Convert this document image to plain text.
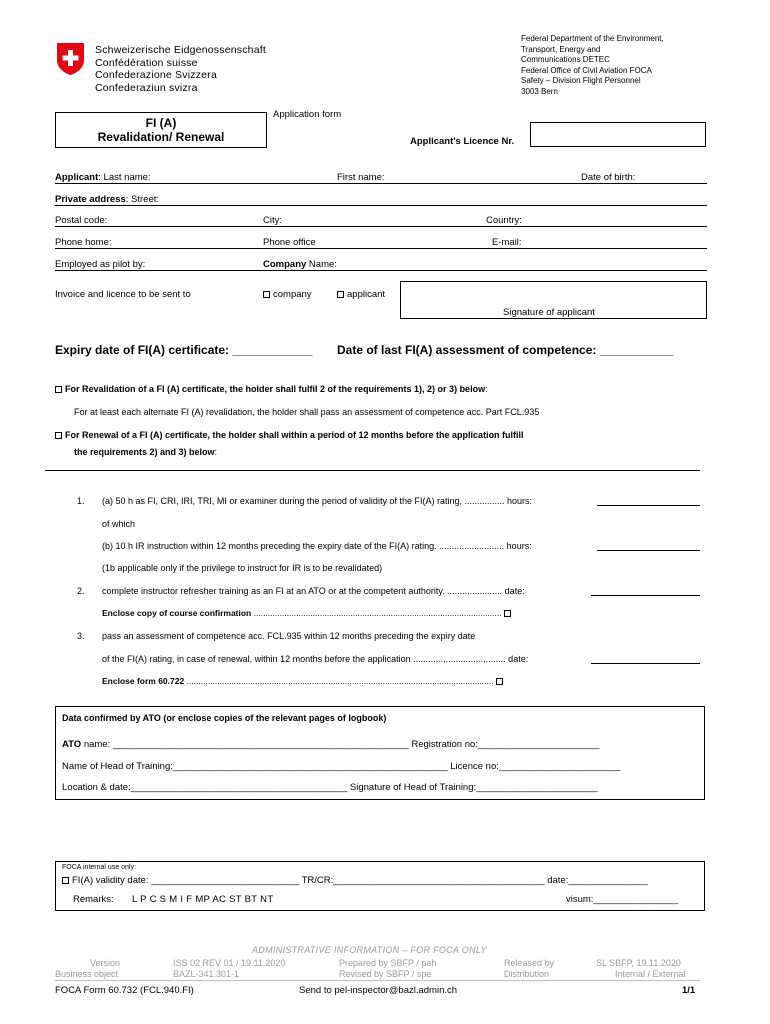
Schweizerische Eidgenossenschaft
Confédération suisse
Confederazione Svizzera
Confederaziun svizra
Federal Department of the Environment,
Transport, Energy and
Communications DETEC
Federal Office of Civil Aviation FOCA
Safety – Division Flight Personnel
3003 Bern
FI (A)
Revalidation/ Renewal
Application form
Applicant's Licence Nr.
Applicant: Last name:	First name:	Date of birth:
Private address: Street:
Postal code:	City:	Country:
Phone home:	Phone office	E-mail:
Employed as pilot by:	Company Name:
Invoice and licence to be sent to	company	applicant
Signature of applicant
Expiry date of FI(A) certificate: ____________ Date of last FI(A) assessment of competence: ___________
For Revalidation of a FI (A) certificate, the holder shall fulfil 2 of the requirements 1), 2) or 3) below:
For at least each alternate FI (A) revalidation, the holder shall pass an assessment of competence acc. Part FCL.935
For Renewal of a FI (A) certificate, the holder shall within a period of 12 months before the application fulfill
the requirements 2) and 3) below:
1. (a) 50 h as FI, CRI, IRI, TRI, MI or examiner during the period of validity of the FI(A) rating, ................ hours:
of which
(b) 10 h IR instruction within 12 months preceding the expiry date of the FI(A) rating. .......................... hours:
(1b applicable only if the privilege to instruct for IR is to be revalidated)
2. complete instructor refresher training as an FI at an ATO or at the competent authority. ...................... date:
Enclose copy of course confirmation .........................................................................................................
3. pass an assessment of competence acc. FCL.935 within 12 months preceding the expiry date
of the FI(A) rating, in case of renewal, within 12 months before the application ..................................... date:
Enclose form 60.722 ..................................................................................................................................
Data confirmed by ATO (or enclose copies of the relevant pages of logbook)
ATO name: ________________________________________________________ Registration no:_______________________
Name of Head of Training:____________________________________________________ Licence no:_______________________
Location & date:_________________________________________ Signature of Head of Training:_______________________
FOCA internal use only:
FI(A) validity date: ____________________________ TR/CR:________________________________________ date:_______________
Remarks: L P C S M I F MP AC ST BT NT	visum:________________
ADMINISTRATIVE INFORMATION – FOR FOCA ONLY
Version	ISS 02 REV 01 / 19.11.2020	Prepared by SBFP / pah	Released by	SL SBFP, 19.11.2020
Business object	BAZL-341.301-1	Revised by SBFP / spe	Distribution	Internal / External
FOCA Form 60.732 (FCL.940.FI)	Send to pel-inspector@bazl.admin.ch	1/1
